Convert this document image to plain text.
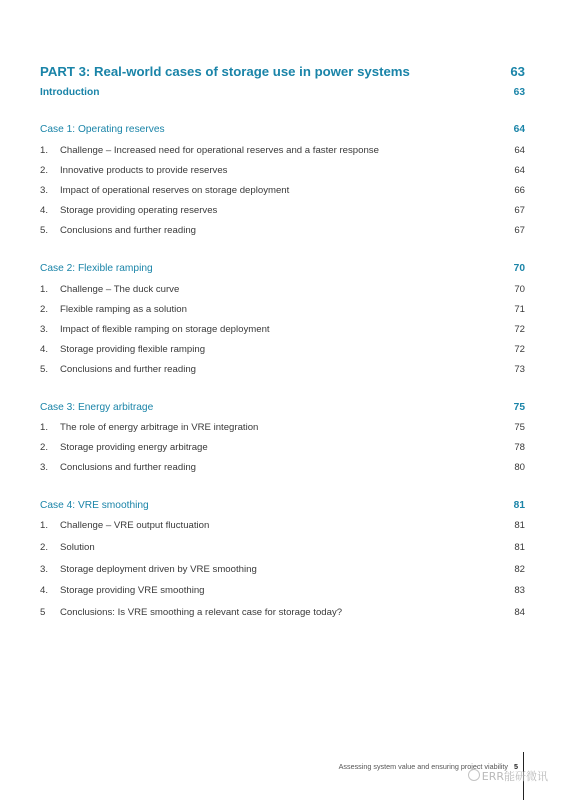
PART 3: Real-world cases of storage use in power systems	63
Introduction	63
Case 1: Operating reserves	64
1. Challenge – Increased need for operational reserves and a faster response	64
2. Innovative products to provide reserves	64
3. Impact of operational reserves on storage deployment	66
4. Storage providing operating reserves	67
5. Conclusions and further reading	67
Case 2: Flexible ramping	70
1. Challenge – The duck curve	70
2. Flexible ramping as a solution	71
3. Impact of flexible ramping on storage deployment	72
4. Storage providing flexible ramping	72
5. Conclusions and further reading	73
Case 3: Energy arbitrage	75
1. The role of energy arbitrage in VRE integration	75
2. Storage providing energy arbitrage	78
3. Conclusions and further reading	80
Case 4: VRE smoothing	81
1. Challenge – VRE output fluctuation	81
2. Solution	81
3. Storage deployment driven by VRE smoothing	82
4. Storage providing VRE smoothing	83
5 Conclusions: Is VRE smoothing a relevant case for storage today?	84
Assessing system value and ensuring project viability 5
ERR能研微讯
